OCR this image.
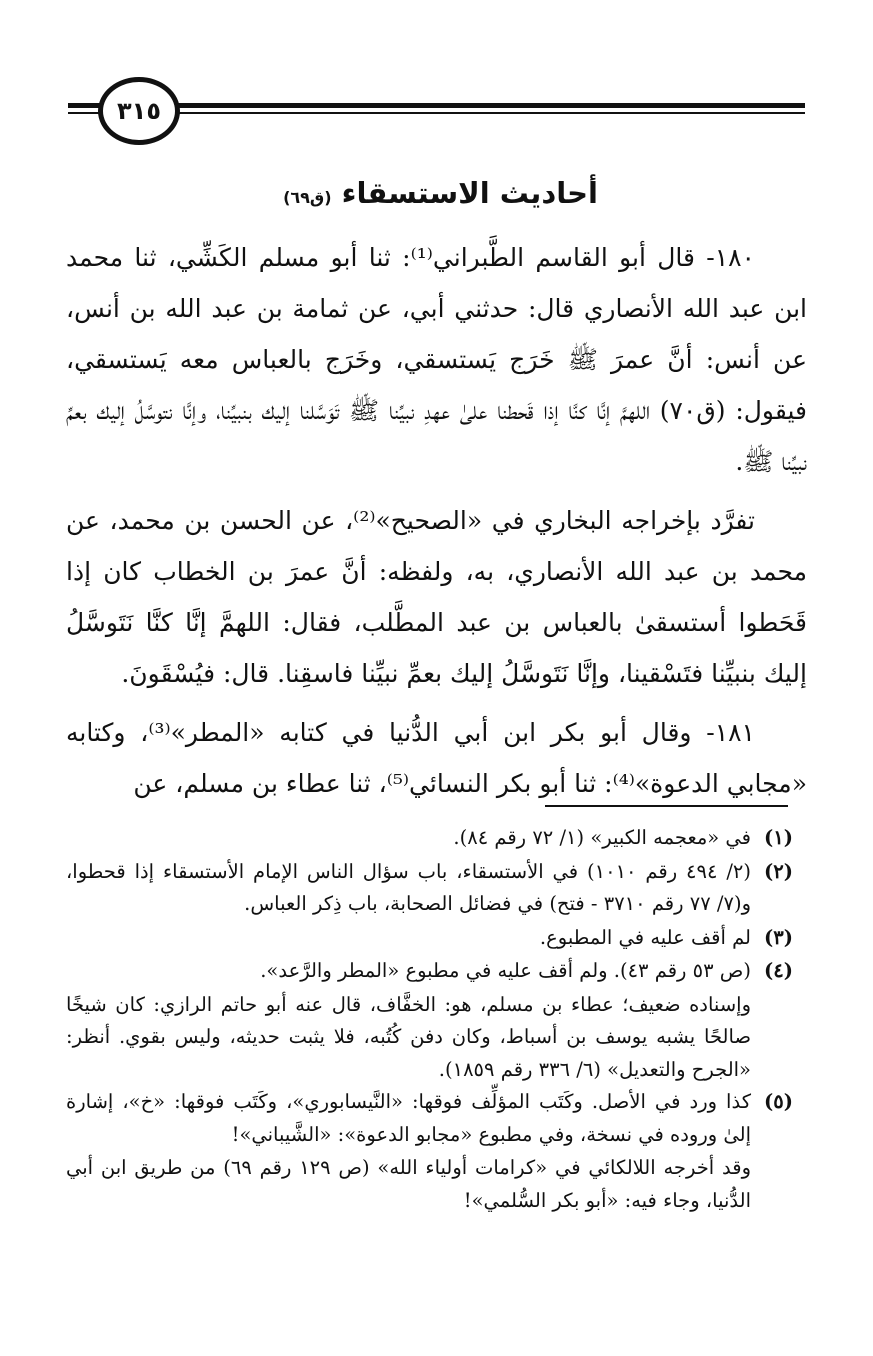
٣١٥
أحاديث الاستسقاء (ق٦٩)

١٨٠- قال أبو القاسم الطَّبراني⁽¹⁾: ثنا أبو مسلم الكَشِّي، ثنا محمد ابن عبد الله الأنصاري قال: حدثني أبي، عن ثمامة بن عبد الله بن أنس، عن أنس: أنَّ عمرَ ﷺ خَرَج يَستسقي، وخَرَج بالعباس معه يَستسقي، فيقول: (ق٧٠) اللهمَّ إنَّا كنَّا إذا قَحطنا علىٰ عهدِ نبيِّنا ﷺ تَوَسَّلنا إليك بنبيِّنا، وإنَّا نتوسَّلُ إليك بعمِّ نبيِّنا ﷺ.

تفرَّد بإخراجه البخاري في «الصحيح»⁽²⁾، عن الحسن بن محمد، عن محمد بن عبد الله الأنصاري، به، ولفظه: أنَّ عمرَ بن الخطاب كان إذا قَحَطوا أستسقىٰ بالعباس بن عبد المطَّلب، فقال: اللهمَّ إنَّا كنَّا نَتَوسَّلُ إليك بنبيِّنا فتَسْقينا، وإنَّا نَتَوسَّلُ إليك بعمِّ نبيِّنا فاسقِنا. قال: فيُسْقَونَ.

١٨١- وقال أبو بكر ابن أبي الدُّنيا في كتابه «المطر»⁽³⁾، وكتابه «مجابي الدعوة»⁽⁴⁾: ثنا أبو بكر النسائي⁽⁵⁾، ثنا عطاء بن مسلم، عن

(١)
في «معجمه الكبير» (١/ ٧٢ رقم ٨٤).
(٢)
(٢/ ٤٩٤ رقم ١٠١٠) في الأستسقاء، باب سؤال الناس الإمام الأستسقاء إذا قحطوا، و(٧/ ٧٧ رقم ٣٧١٠ - فتح) في فضائل الصحابة، باب ذِكر العباس.
(٣)
لم أقف عليه في المطبوع.
(٤)
(ص ٥٣ رقم ٤٣). ولم أقف عليه في مطبوع «المطر والرَّعد».
وإسناده ضعيف؛ عطاء بن مسلم، هو: الخفَّاف، قال عنه أبو حاتم الرازي: كان شيخًا صالحًا يشبه يوسف بن أسباط، وكان دفن كُتُبه، فلا يثبت حديثه، وليس بقوي. أنظر: «الجرح والتعديل» (٦/ ٣٣٦ رقم ١٨٥٩).
(٥)
كذا ورد في الأصل. وكَتَب المؤلِّف فوقها: «النَّيسابوري»، وكَتَب فوقها: «خ»، إشارة إلىٰ وروده في نسخة، وفي مطبوع «مجابو الدعوة»: «الشَّيباني»!
وقد أخرجه اللالكائي في «كرامات أولياء الله» (ص ١٢٩ رقم ٦٩) من طريق ابن أبي الدُّنيا، وجاء فيه: «أبو بكر السُّلمي»!
